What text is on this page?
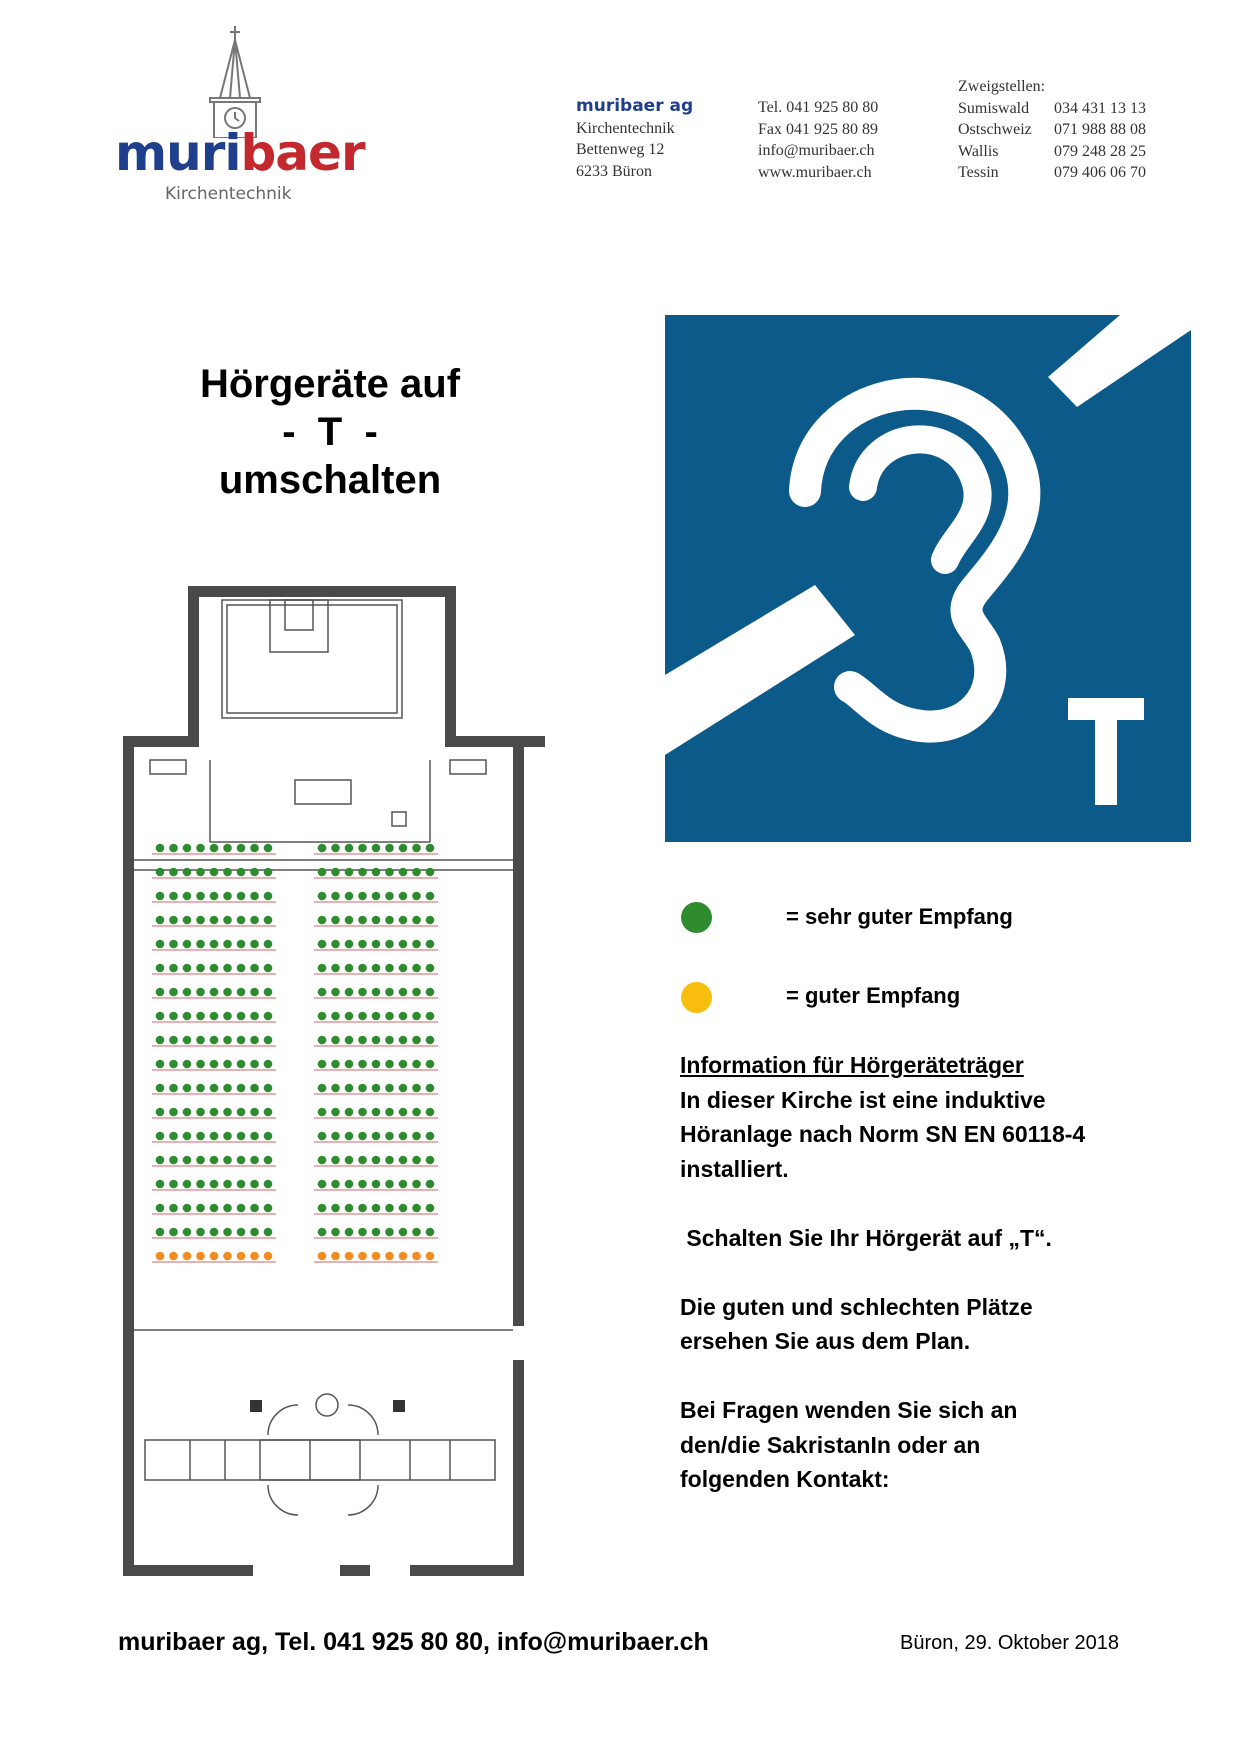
muribaer
Kirchentechnik
muribaer ag
Kirchentechnik
Bettenweg 12
6233 Büron
Tel. 041 925 80 80
Fax 041 925 80 89
info@muribaer.ch
www.muribaer.ch
Zweigstellen:
Sumiswald	034 431 13 13
Ostschweiz	071 988 88 08
Wallis	079 248 28 25
Tessin	079 406 06 70
Hörgeräte auf
-  T  -
umschalten
= sehr guter Empfang
= guter Empfang

Information für Hörgeräteträger

In dieser Kirche ist eine induktive

Höranlage nach Norm SN EN 60118-4

installiert.

Schalten Sie Ihr Hörgerät auf „T“.

Die guten und schlechten Plätze

ersehen Sie aus dem Plan.

Bei Fragen wenden Sie sich an

den/die SakristanIn oder an

folgenden Kontakt:

muribaer ag, Tel. 041 925 80 80, info@muribaer.ch	Büron, 29. Oktober 2018
